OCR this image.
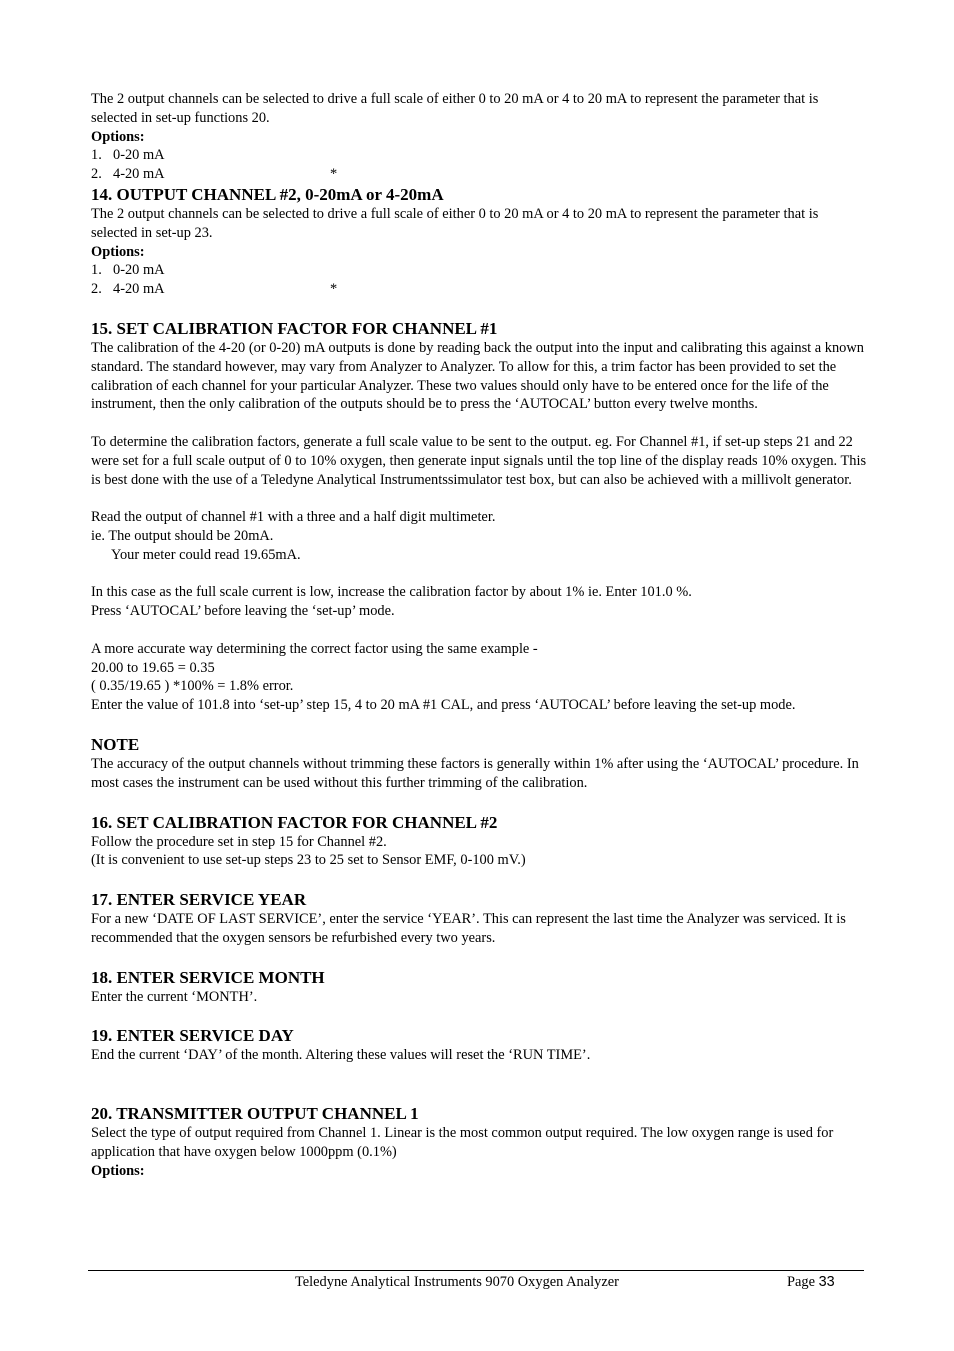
The 2 output channels can be selected to drive a full scale of either 0 to 20 mA or 4 to 20 mA to represent the parameter that is selected in set-up functions 20.

Options:

1. 0-20 mA
2. 4-20 mA	*
14. OUTPUT CHANNEL #2, 0-20mA or 4-20mA

The 2 output channels can be selected to drive a full scale of either 0 to 20 mA or 4 to 20 mA to represent the parameter that is selected in set-up 23.

Options:

1. 0-20 mA
2. 4-20 mA	*
15. SET CALIBRATION FACTOR FOR CHANNEL #1

The calibration of the 4-20 (or 0-20) mA outputs is done by reading back the output into the input and calibrating this against a known standard. The standard however, may vary from Analyzer to Analyzer. To allow for this, a trim factor has been provided to set the calibration of each channel for your particular Analyzer. These two values should only have to be entered once for the life of the instrument, then the only calibration of the outputs should be to press the ‘AUTOCAL’ button every twelve months.

To determine the calibration factors, generate a full scale value to be sent to the output. eg. For Channel #1, if set-up steps 21 and 22 were set for a full scale output of 0 to 10% oxygen, then generate input signals until the top line of the display reads 10% oxygen. This is best done with the use of a Teledyne Analytical Instrumentssimulator test box, but can also be achieved with a millivolt generator.

Read the output of channel #1 with a three and a half digit multimeter.

ie. The output should be 20mA.

Your meter could read 19.65mA.

In this case as the full scale current is low, increase the calibration factor by about 1% ie. Enter 101.0 %.

Press ‘AUTOCAL’ before leaving the ‘set-up’ mode.

A more accurate way determining the correct factor using the same example -

20.00 to 19.65 = 0.35

( 0.35/19.65 ) *100% = 1.8% error.

Enter the value of 101.8 into ‘set-up’ step 15, 4 to 20 mA #1 CAL, and press ‘AUTOCAL’ before leaving the set-up mode.

NOTE

The accuracy of the output channels without trimming these factors is generally within 1% after using the ‘AUTOCAL’ procedure. In most cases the instrument can be used without this further trimming of the calibration.

16. SET CALIBRATION FACTOR FOR CHANNEL #2

Follow the procedure set in step 15 for Channel #2.

(It is convenient to use set-up steps 23 to 25 set to Sensor EMF, 0-100 mV.)

17. ENTER SERVICE YEAR

For a new ‘DATE OF LAST SERVICE’, enter the service ‘YEAR’. This can represent the last time the Analyzer was serviced. It is recommended that the oxygen sensors be refurbished every two years.

18. ENTER SERVICE MONTH

Enter the current ‘MONTH’.

19. ENTER SERVICE DAY

End the current ‘DAY’ of the month. Altering these values will reset the ‘RUN TIME’.

20. TRANSMITTER OUTPUT CHANNEL 1

Select the type of output required from Channel 1. Linear is the most common output required. The low oxygen range is used for application that have oxygen below 1000ppm (0.1%)

Options:

Teledyne Analytical Instruments 9070 Oxygen Analyzer	Page 33
